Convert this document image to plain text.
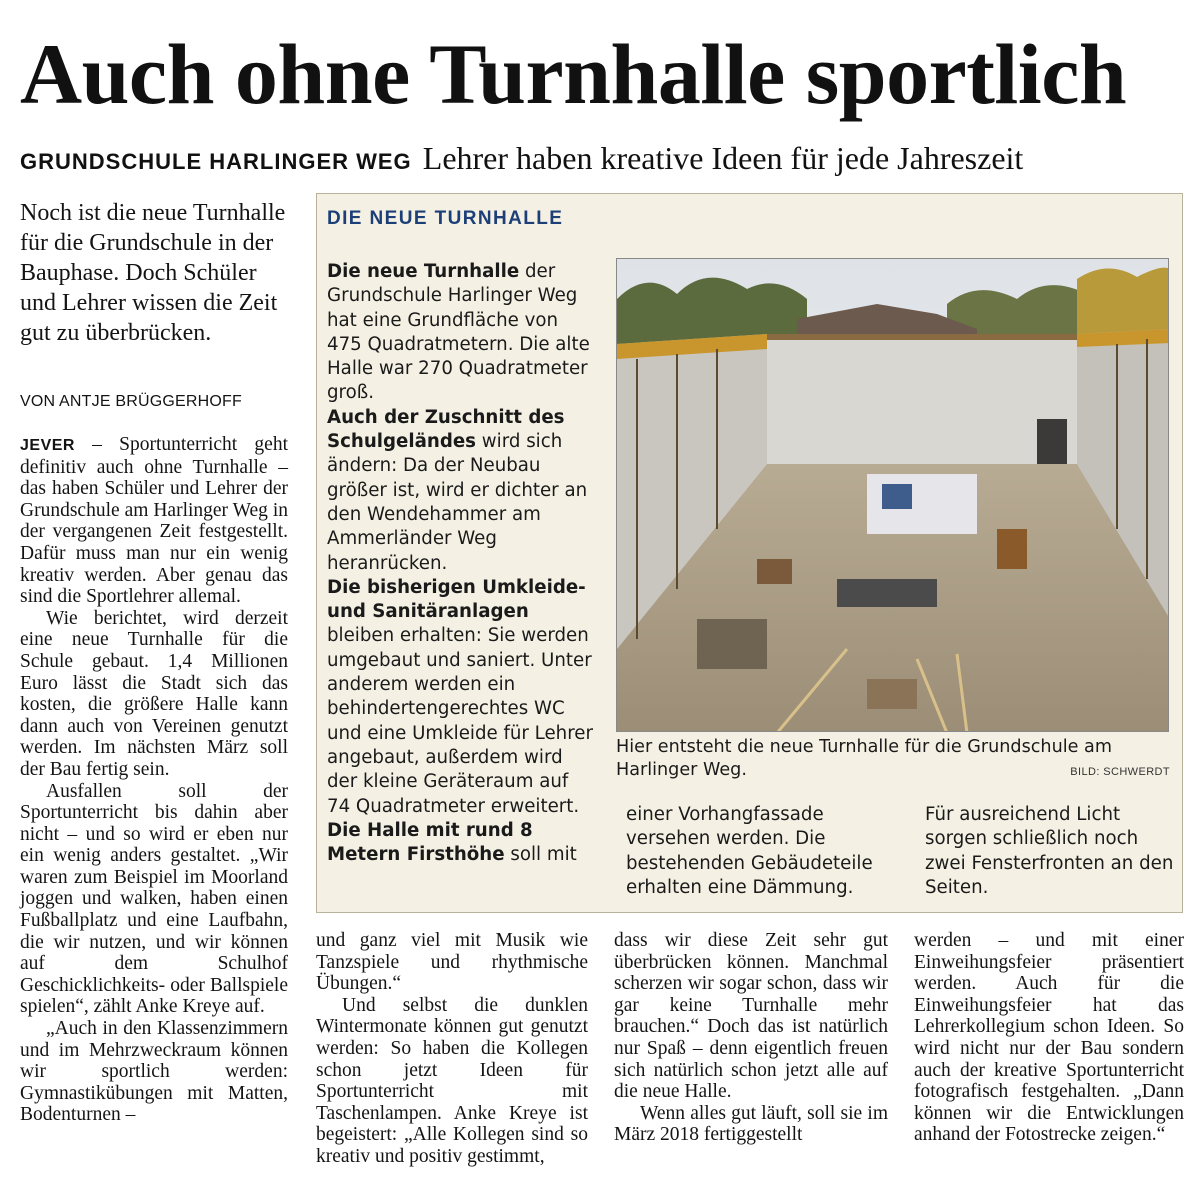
Auch ohne Turnhalle sportlich
GRUNDSCHULE HARLINGER WEG Lehrer haben kreative Ideen für jede Jahreszeit
Noch ist die neue Turnhalle für die Grundschule in der Bauphase. Doch Schüler und Lehrer wissen die Zeit gut zu überbrücken.
VON ANTJE BRÜGGERHOFF

JEVER – Sportunterricht geht definitiv auch ohne Turnhalle – das haben Schüler und Lehrer der Grundschule am Harlinger Weg in der vergangenen Zeit festgestellt. Dafür muss man nur ein wenig kreativ werden. Aber genau das sind die Sportlehrer allemal.

Wie berichtet, wird derzeit eine neue Turnhalle für die Schule gebaut. 1,4 Millionen Euro lässt die Stadt sich das kosten, die größere Halle kann dann auch von Vereinen genutzt werden. Im nächsten März soll der Bau fertig sein.

Ausfallen soll der Sportunterricht bis dahin aber nicht – und so wird er eben nur ein wenig anders gestaltet. „Wir waren zum Beispiel im Moorland joggen und walken, haben einen Fußballplatz und eine Laufbahn, die wir nutzen, und wir können auf dem Schulhof Geschicklichkeits- oder Ballspiele spielen“, zählt Anke Kreye auf.

„Auch in den Klassenzimmern und im Mehrzweckraum können wir sportlich werden: Gymnastikübungen mit Matten, Bodenturnen –

und ganz viel mit Musik wie Tanzspiele und rhythmische Übungen.“

Und selbst die dunklen Wintermonate können gut genutzt werden: So haben die Kollegen schon jetzt Ideen für Sportunterricht mit Taschenlampen. Anke Kreye ist begeistert: „Alle Kollegen sind so kreativ und positiv gestimmt,

dass wir diese Zeit sehr gut überbrücken können. Manchmal scherzen wir sogar schon, dass wir gar keine Turnhalle mehr brauchen.“ Doch das ist natürlich nur Spaß – denn eigentlich freuen sich natürlich schon jetzt alle auf die neue Halle.

Wenn alles gut läuft, soll sie im März 2018 fertiggestellt

werden – und mit einer Einweihungsfeier präsentiert werden. Auch für die Einweihungsfeier hat das Lehrerkollegium schon Ideen. So wird nicht nur der Bau sondern auch der kreative Sportunterricht fotografisch festgehalten. „Dann können wir die Entwicklungen anhand der Fotostrecke zeigen.“

DIE NEUE TURNHALLE
Die neue Turnhalle der Grundschule Harlinger Weg hat eine Grundfläche von 475 Quadratmetern. Die alte Halle war 270 Quadratmeter groß.
Auch der Zuschnitt des Schulgeländes wird sich ändern: Da der Neubau größer ist, wird er dichter an den Wendehammer am Ammerländer Weg heranrücken.
Die bisherigen Umkleide- und Sanitäranlagen bleiben erhalten: Sie werden umgebaut und saniert. Unter anderem werden ein behindertengerechtes WC und eine Umkleide für Lehrer angebaut, außerdem wird der kleine Geräteraum auf 74 Quadratmeter erweitert.
Die Halle mit rund 8 Metern Firsthöhe soll mit
einer Vorhangfassade versehen werden. Die bestehenden Gebäudeteile erhalten eine Dämmung.
Für ausreichend Licht sorgen schließlich noch zwei Fensterfronten an den Seiten.
Hier entsteht die neue Turnhalle für die Grundschule am Harlinger Weg.	BILD: SCHWERDT
